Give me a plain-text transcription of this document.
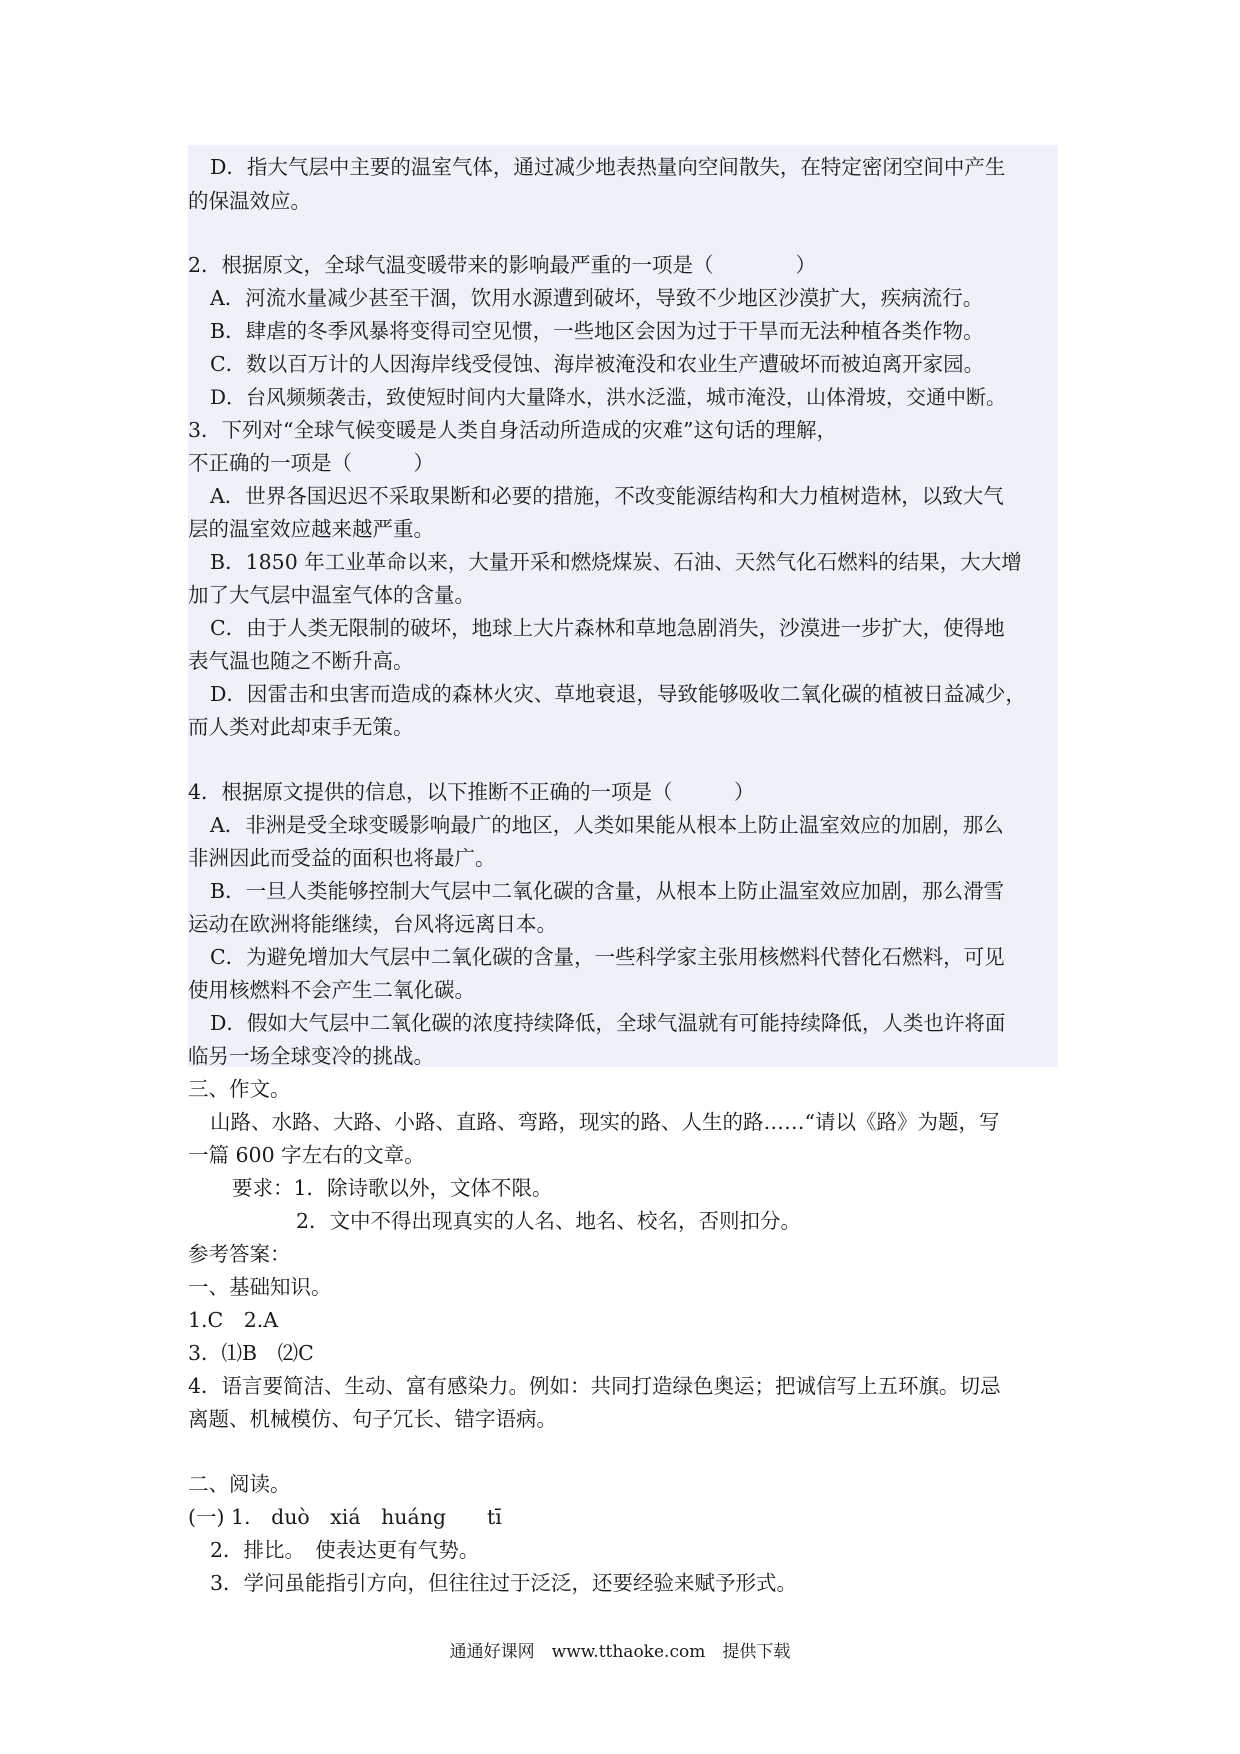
D．指大气层中主要的温室气体，通过减少地表热量向空间散失，在特定密闭空间中产生
的保温效应。
2．根据原文，全球气温变暖带来的影响最严重的一项是（　　　　）
A．河流水量减少甚至干涸，饮用水源遭到破坏，导致不少地区沙漠扩大，疾病流行。
B．肆虐的冬季风暴将变得司空见惯，一些地区会因为过于干旱而无法种植各类作物。
C．数以百万计的人因海岸线受侵蚀、海岸被淹没和农业生产遭破坏而被迫离开家园。
D．台风频频袭击，致使短时间内大量降水，洪水泛滥，城市淹没，山体滑坡，交通中断。
3．下列对“全球气候变暖是人类自身活动所造成的灾难”这句话的理解，
不正确的一项是（　　　）
A．世界各国迟迟不采取果断和必要的措施，不改变能源结构和大力植树造林，以致大气
层的温室效应越来越严重。
B．1850 年工业革命以来，大量开采和燃烧煤炭、石油、天然气化石燃料的结果，大大增
加了大气层中温室气体的含量。
C．由于人类无限制的破坏，地球上大片森林和草地急剧消失，沙漠进一步扩大，使得地
表气温也随之不断升高。
D．因雷击和虫害而造成的森林火灾、草地衰退，导致能够吸收二氧化碳的植被日益减少，
而人类对此却束手无策。
4．根据原文提供的信息，以下推断不正确的一项是（　　　）
A．非洲是受全球变暖影响最广的地区，人类如果能从根本上防止温室效应的加剧，那么
非洲因此而受益的面积也将最广。
B．一旦人类能够控制大气层中二氧化碳的含量，从根本上防止温室效应加剧，那么滑雪
运动在欧洲将能继续，台风将远离日本。
C．为避免增加大气层中二氧化碳的含量，一些科学家主张用核燃料代替化石燃料，可见
使用核燃料不会产生二氧化碳。
D．假如大气层中二氧化碳的浓度持续降低，全球气温就有可能持续降低，人类也许将面
临另一场全球变冷的挑战。
三、作文。
山路、水路、大路、小路、直路、弯路，现实的路、人生的路……“请以《路》为题，写
一篇 600 字左右的文章。
要求：1．除诗歌以外，文体不限。
2．文中不得出现真实的人名、地名、校名，否则扣分。
参考答案：
一、基础知识。
1.C　2.A
3．⑴B　⑵C
4．语言要简洁、生动、富有感染力。例如：共同打造绿色奥运；把诚信写上五环旗。切忌
离题、机械模仿、句子冗长、错字语病。
二、阅读。
(一) 1.　duò　xiá　huáng　　tī
2．排比。　使表达更有气势。
3．学问虽能指引方向，但往往过于泛泛，还要经验来赋予形式。
通通好课网　www.tthaoke.com　提供下载
